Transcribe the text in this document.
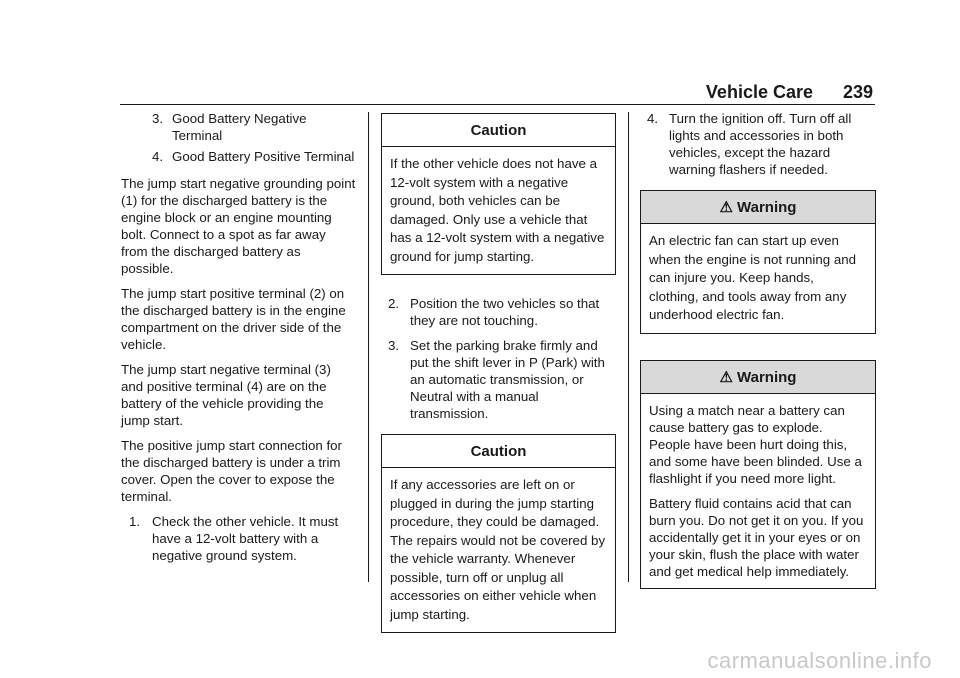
Vehicle Care 239
3. Good Battery Negative Terminal
4. Good Battery Positive Terminal

The jump start negative grounding point (1) for the discharged battery is the engine block or an engine mounting bolt. Connect to a spot as far away from the discharged battery as possible.

The jump start positive terminal (2) on the discharged battery is in the engine compartment on the driver side of the vehicle.

The jump start negative terminal (3) and positive terminal (4) are on the battery of the vehicle providing the jump start.

The positive jump start connection for the discharged battery is under a trim cover. Open the cover to expose the terminal.

1. Check the other vehicle. It must have a 12-volt battery with a negative ground system.
Caution

If the other vehicle does not have a 12-volt system with a negative ground, both vehicles can be damaged. Only use a vehicle that has a 12-volt system with a negative ground for jump starting.

2. Position the two vehicles so that they are not touching.
3. Set the parking brake firmly and put the shift lever in P (Park) with an automatic transmission, or Neutral with a manual transmission.
Caution

If any accessories are left on or plugged in during the jump starting procedure, they could be damaged. The repairs would not be covered by the vehicle warranty. Whenever possible, turn off or unplug all accessories on either vehicle when jump starting.

4. Turn the ignition off. Turn off all lights and accessories in both vehicles, except the hazard warning flashers if needed.
⚠ Warning

An electric fan can start up even when the engine is not running and can injure you. Keep hands, clothing, and tools away from any underhood electric fan.

⚠ Warning

Using a match near a battery can cause battery gas to explode. People have been hurt doing this, and some have been blinded. Use a flashlight if you need more light.

Battery fluid contains acid that can burn you. Do not get it on you. If you accidentally get it in your eyes or on your skin, flush the place with water and get medical help immediately.

carmanualsonline.info
